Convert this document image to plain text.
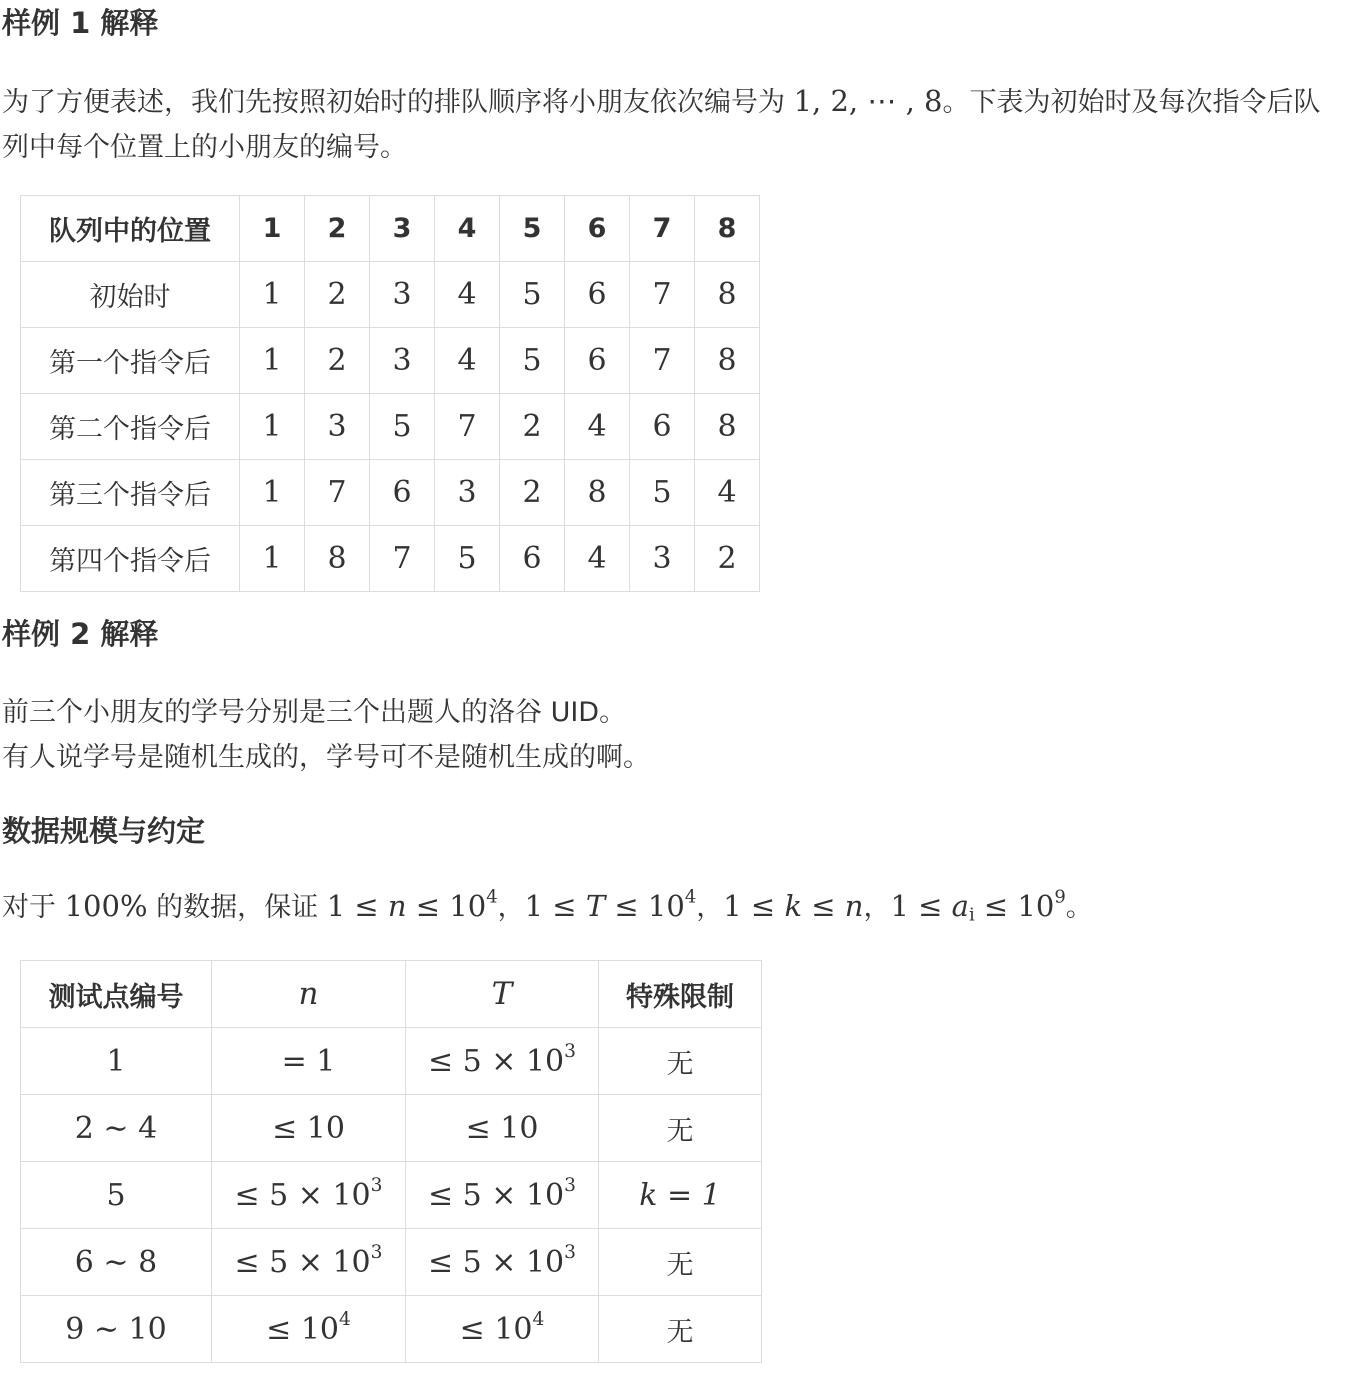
样例 1 解释

为了方便表述，我们先按照初始时的排队顺序将小朋友依次编号为 1, 2, ⋯ , 8。下表为初始时及每次指令后队列中每个位置上的小朋友的编号。

队列中的位置	1	2	3	4	5	6	7	8
初始时	1	2	3	4	5	6	7	8
第一个指令后	1	2	3	4	5	6	7	8
第二个指令后	1	3	5	7	2	4	6	8
第三个指令后	1	7	6	3	2	8	5	4
第四个指令后	1	8	7	5	6	4	3	2
样例 2 解释

前三个小朋友的学号分别是三个出题人的洛谷 UID。

有人说学号是随机生成的，学号可不是随机生成的啊。

数据规模与约定

对于 100% 的数据，保证 $1 \le n \le 10^4$，$1 \le T \le 10^4$，1 ≤ k ≤ n，$1 \le a_i \le 10^9$。

测试点编号	n	T	特殊限制
1	= 1	≤ $5 \times 10^3$	无
2 ∼ 4	≤ 10	≤ 10	无
5	≤ $5 \times 10^3$	≤ $5 \times 10^3$	k = 1
6 ∼ 8	≤ $5 \times 10^3$	≤ $5 \times 10^3$	无
9 ∼ 10	≤ $10^4$	≤ $10^4$	无
